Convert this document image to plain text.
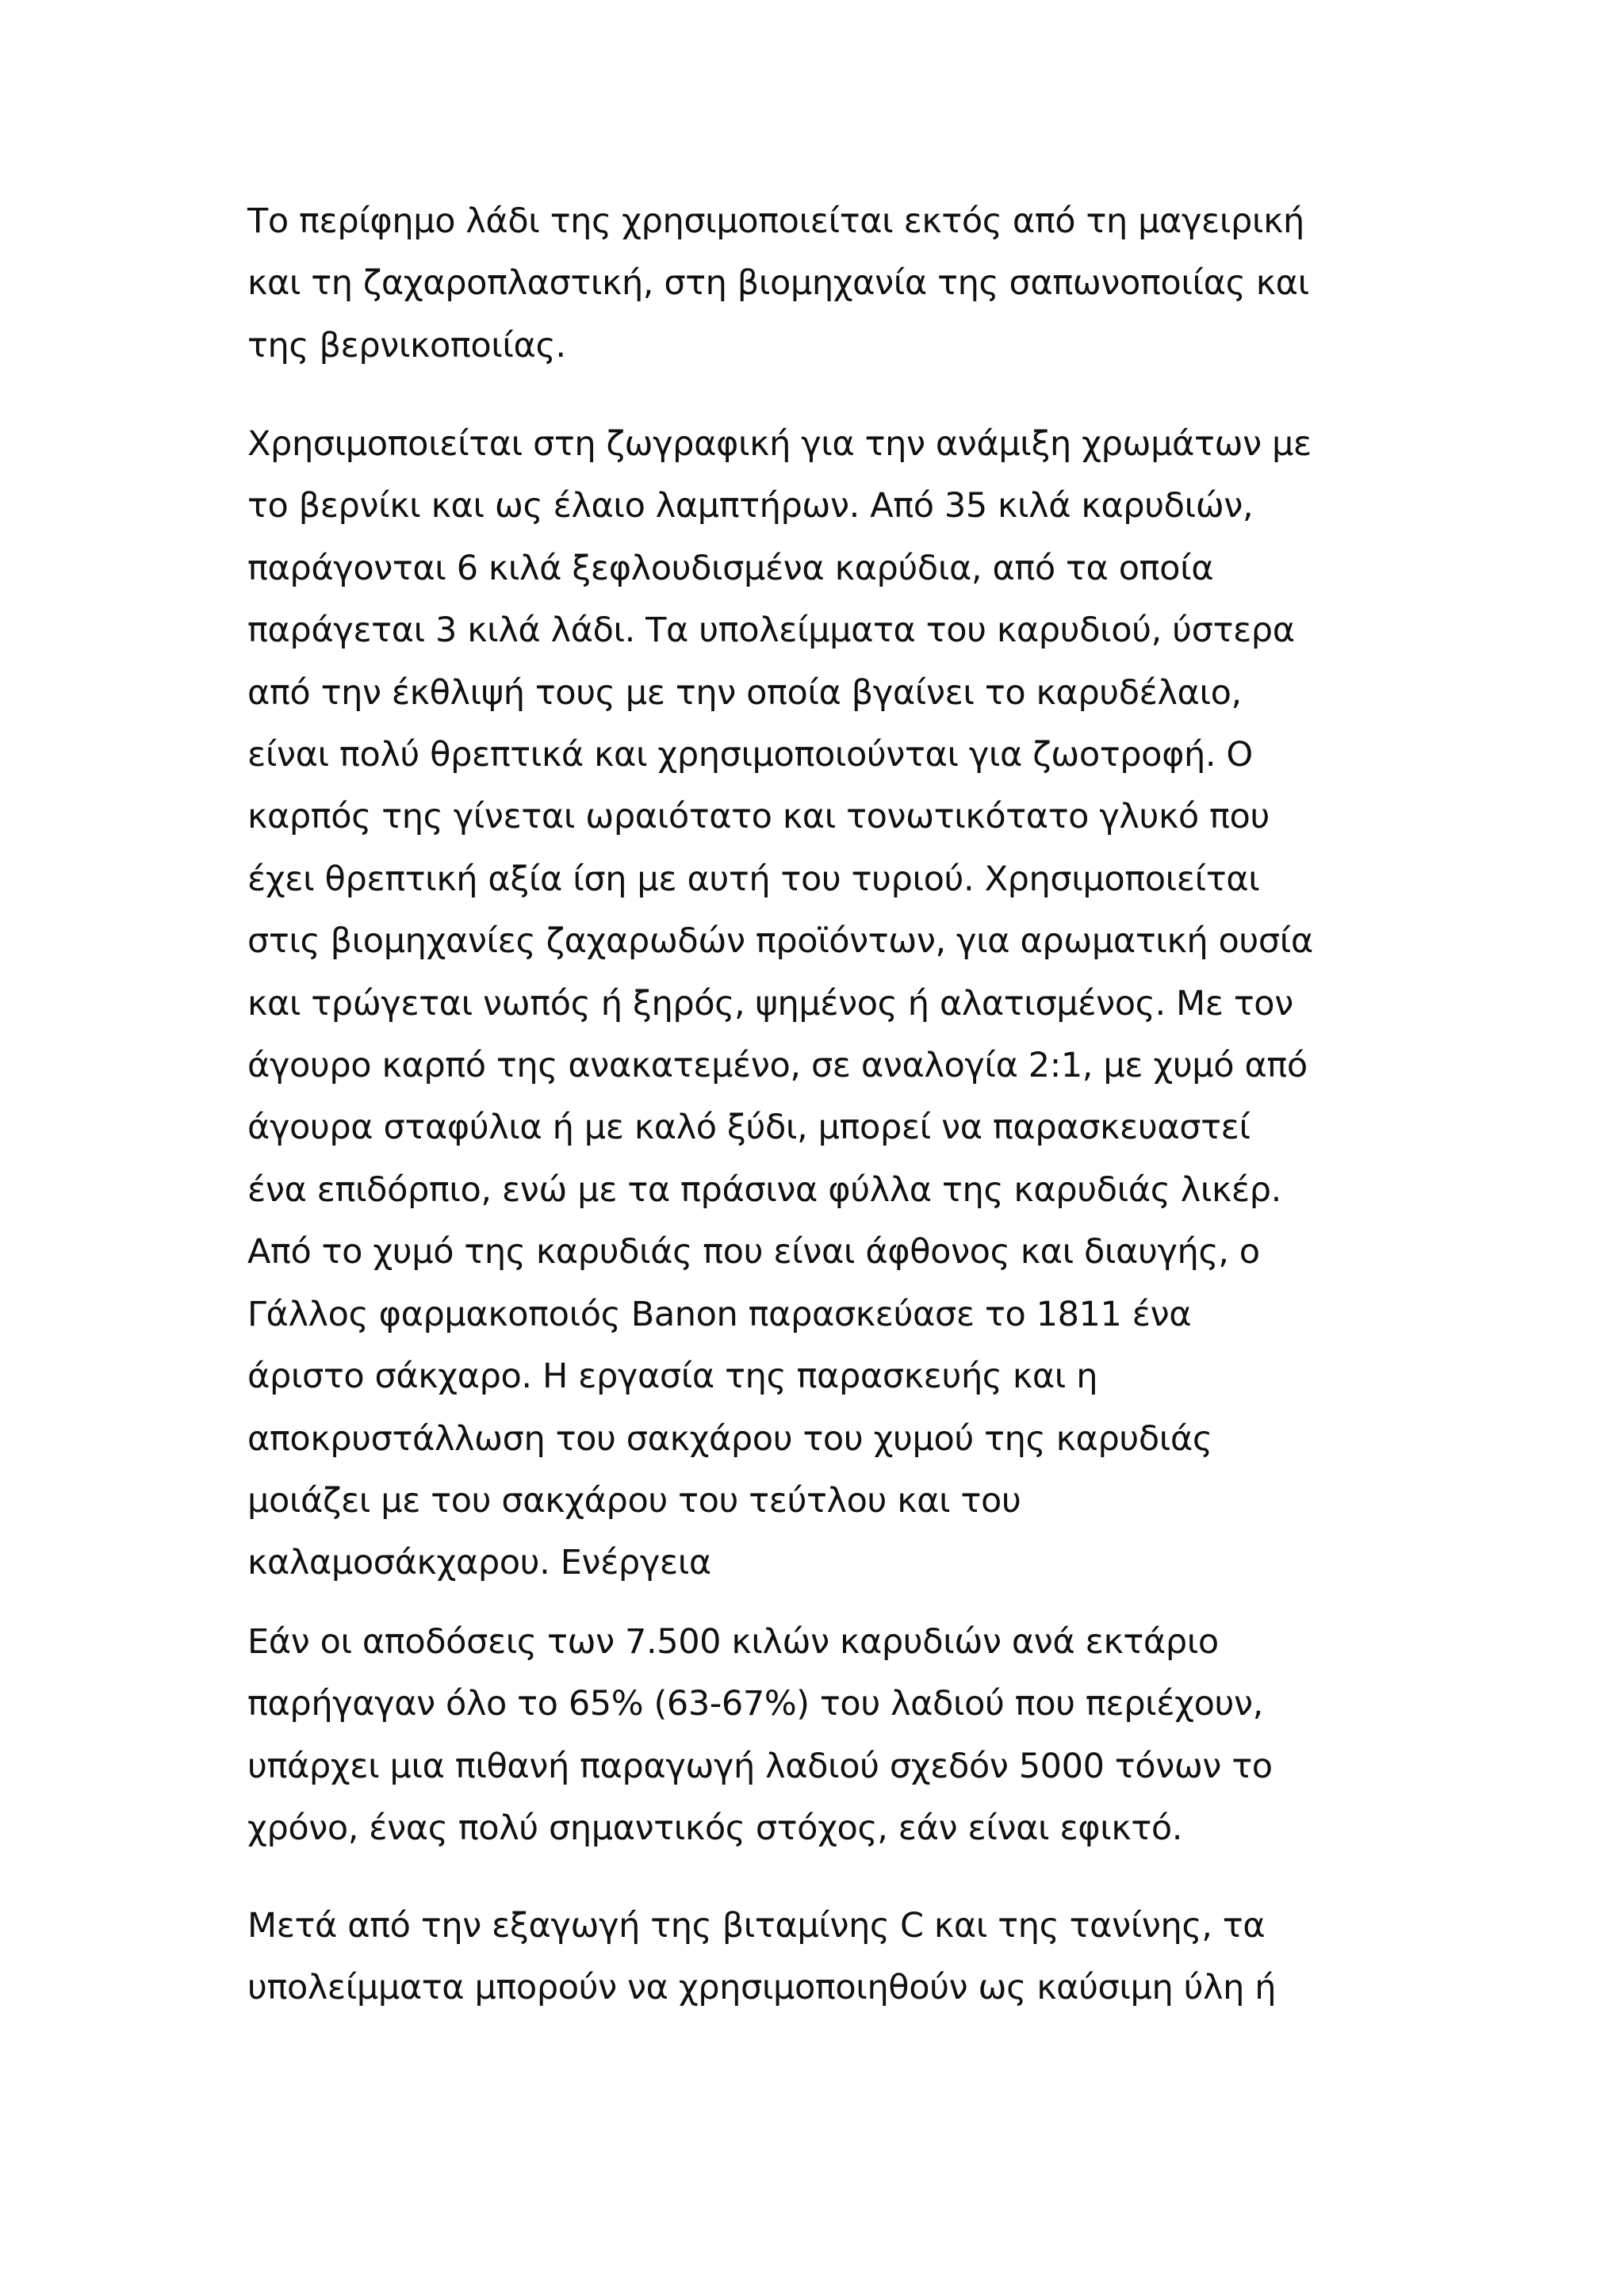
Το περίφημο λάδι της χρησιμοποιείται εκτός από τη μαγειρική
και τη ζαχαροπλαστική, στη βιομηχανία της σαπωνοποιίας και
της βερνικοποιίας.

Χρησιμοποιείται στη ζωγραφική για την ανάμιξη χρωμάτων με
το βερνίκι και ως έλαιο λαμπτήρων. Από 35 κιλά καρυδιών,
παράγονται 6 κιλά ξεφλουδισμένα καρύδια, από τα οποία
παράγεται 3 κιλά λάδι. Τα υπολείμματα του καρυδιού, ύστερα
από την έκθλιψή τους με την οποία βγαίνει το καρυδέλαιο,
είναι πολύ θρεπτικά και χρησιμοποιούνται για ζωοτροφή. Ο
καρπός της γίνεται ωραιότατο και τονωτικότατο γλυκό που
έχει θρεπτική αξία ίση με αυτή του τυριού. Χρησιμοποιείται
στις βιομηχανίες ζαχαρωδών προϊόντων, για αρωματική ουσία
και τρώγεται νωπός ή ξηρός, ψημένος ή αλατισμένος. Με τον
άγουρο καρπό της ανακατεμένο, σε αναλογία 2:1, με χυμό από
άγουρα σταφύλια ή με καλό ξύδι, μπορεί να παρασκευαστεί
ένα επιδόρπιο, ενώ με τα πράσινα φύλλα της καρυδιάς λικέρ.
Από το χυμό της καρυδιάς που είναι άφθονος και διαυγής, ο
Γάλλος φαρμακοποιός Banon παρασκεύασε το 1811 ένα
άριστο σάκχαρο. Η εργασία της παρασκευής και η
αποκρυστάλλωση του σακχάρου του χυμού της καρυδιάς
μοιάζει με του σακχάρου του τεύτλου και του
καλαμοσάκχαρου. Ενέργεια

Εάν οι αποδόσεις των 7.500 κιλών καρυδιών ανά εκτάριο
παρήγαγαν όλο το 65% (63-67%) του λαδιού που περιέχουν,
υπάρχει μια πιθανή παραγωγή λαδιού σχεδόν 5000 τόνων το
χρόνο, ένας πολύ σημαντικός στόχος, εάν είναι εφικτό.

Μετά από την εξαγωγή της βιταμίνης C και της τανίνης, τα
υπολείμματα μπορούν να χρησιμοποιηθούν ως καύσιμη ύλη ή
